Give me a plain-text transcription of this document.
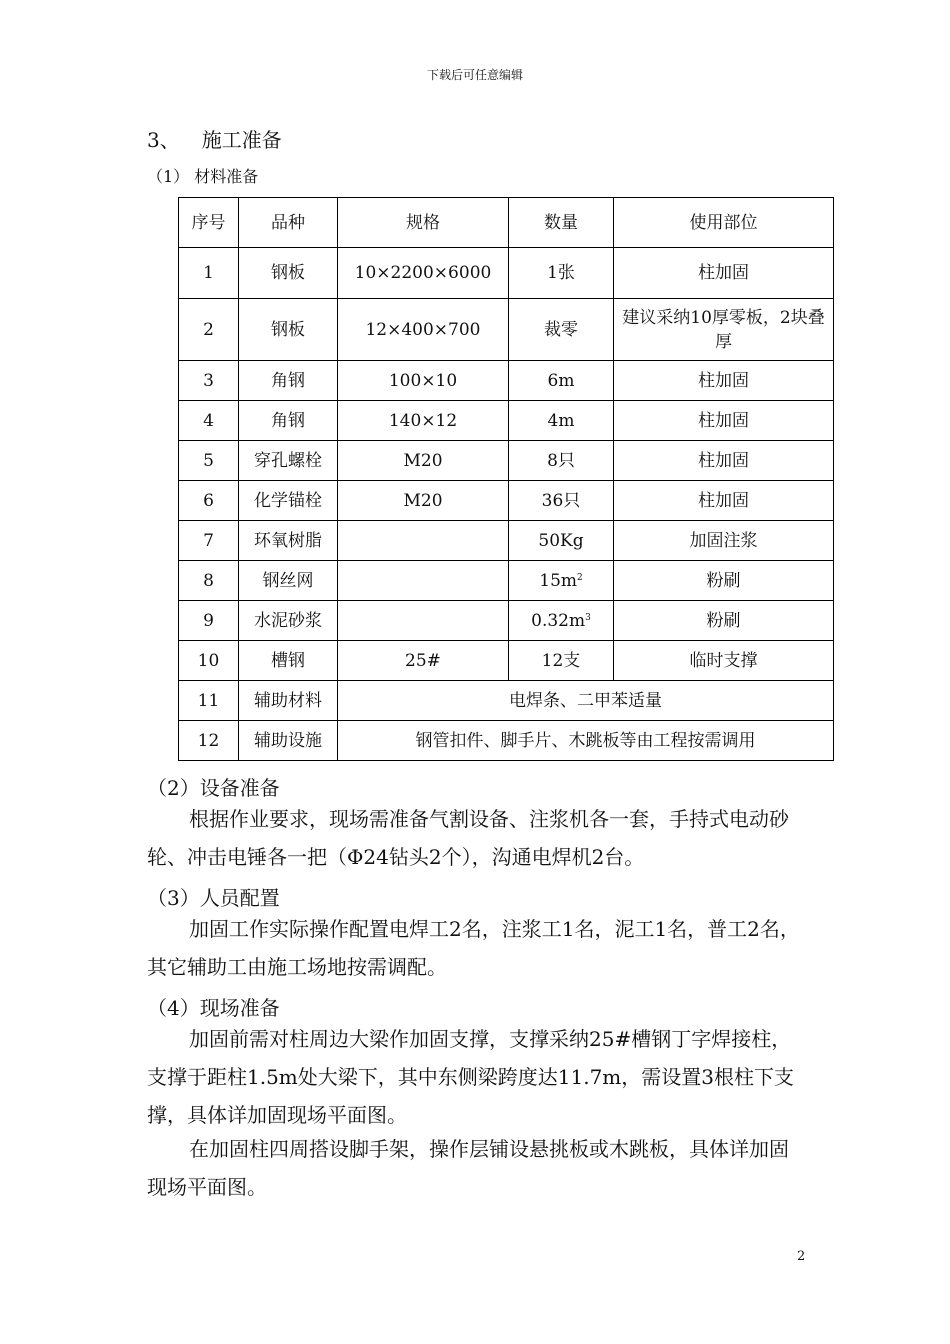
下载后可任意编辑
3、 施工准备
（1） 材料准备
序号	品种	规格	数量	使用部位
1	钢板	10×2200×6000	1张	柱加固
2	钢板	12×400×700	裁零	建议采纳10厚零板，2块叠厚
3	角钢	100×10	6m	柱加固
4	角钢	140×12	4m	柱加固
5	穿孔螺栓	M20	8只	柱加固
6	化学锚栓	M20	36只	柱加固
7	环氧树脂		50Kg	加固注浆
8	钢丝网		$15m^2$	粉刷
9	水泥砂浆		$0.32m^3$	粉刷
10	槽钢	25#	12支	临时支撑
11	辅助材料	电焊条、二甲苯适量		
12	辅助设施	钢管扣件、脚手片、木跳板等由工程按需调用		
（2）设备准备
根据作业要求，现场需准备气割设备、注浆机各一套，手持式电动砂轮、冲击电锤各一把（Φ24钻头2个），沟通电焊机2台。
（3）人员配置
加固工作实际操作配置电焊工2名，注浆工1名，泥工1名，普工2名，其它辅助工由施工场地按需调配。
（4）现场准备
加固前需对柱周边大梁作加固支撑，支撑采纳25#槽钢丁字焊接柱，支撑于距柱1.5m处大梁下，其中东侧梁跨度达11.7m，需设置3根柱下支撑，具体详加固现场平面图。
在加固柱四周搭设脚手架，操作层铺设悬挑板或木跳板，具体详加固现场平面图。
2
